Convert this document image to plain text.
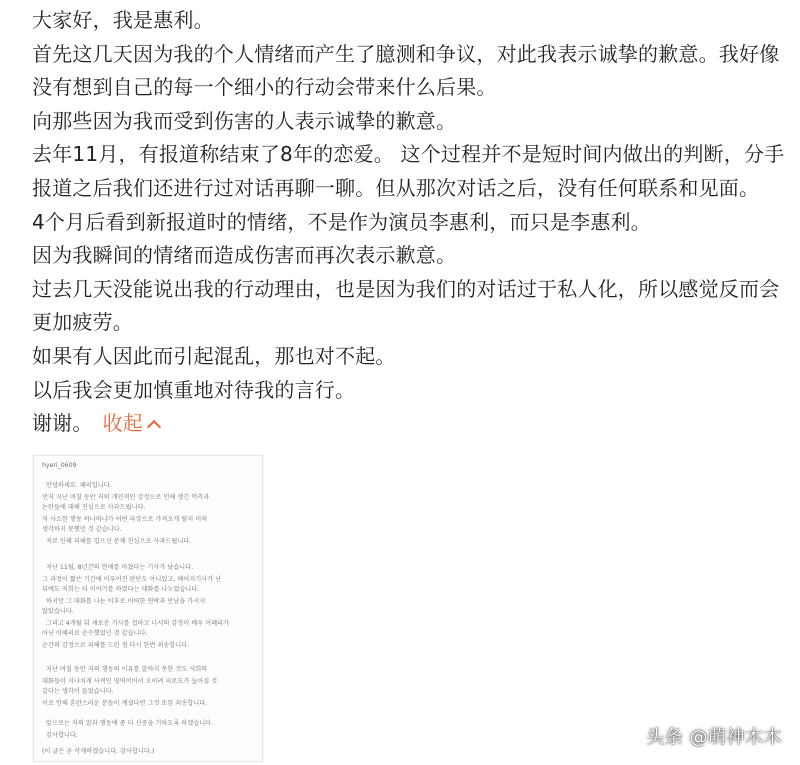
大家好，我是惠利。

首先这几天因为我的个人情绪而产生了臆测和争议，对此我表示诚挚的歉意。我好像没有想到自己的每一个细小的行动会带来什么后果。

向那些因为我而受到伤害的人表示诚挚的歉意。

去年11月，有报道称结束了8年的恋爱。 这个过程并不是短时间内做出的判断，分手报道之后我们还进行过对话再聊一聊。但从那次对话之后，没有任何联系和见面。

4个月后看到新报道时的情绪，不是作为演员李惠利，而只是李惠利。

因为我瞬间的情绪而造成伤害而再次表示歉意。

过去几天没能说出我的行动理由，也是因为我们的对话过于私人化，所以感觉反而会更加疲劳。

如果有人因此而引起混乱，那也对不起。

以后我会更加慎重地对待我的言行。

谢谢。 收起

hyeri_0609
안녕하세요. 혜리입니다.
먼저 지난 며칠 동안 저의 개인적인 감정으로 인해 생긴 억측과
논란들에 대해 진심으로 사과드립니다.
저 사소한 행동 하나하나가 어떤 파장으로 가져오게 될지 미처
생각하지 못했던 것 같습니다.
저로 인해 피해를 입으신 분께 진심으로 사과드립니다.
지난 11월, 8년간의 연애를 마쳤다는 기사가 났습니다.
그 과정이 짧은 기간에 이루어진 판단도 아니었고, 헤어지기사가 난
뒤에도 저희는 더 이야기를 하였다는 대화를 나누었습니다.
하지만 그 대화를 나눈 이후로 어떠한 연락과 만남을 가지지
않았습니다.
그리고 4개월 뒤 새로운 기사를 접하고 나서의 감정이 배우 이혜리가
아닌 이혜리로 순수했었던 것 같습니다.
순간의 감정으로 피해를 드린 점 다시 한번 죄송합니다.
지난 며칠 동안 저의 행동의 이유를 말하지 못한 것도 저희의
대화들이 지나치게 사적인 영역이어서 오히려 피로도가 높아질 것
같다는 생각이 들었습니다.
이로 인해 혼란스러운 분들이 계셨다면 그것 또한 죄송합니다.
앞으로는 저의 말과 행동에 좀 더 신중을 기하도록 하겠습니다.
감사합니다.
(이 글은 곧 삭제하겠습니다. 감사합니다.)
头条 @萌神木木
